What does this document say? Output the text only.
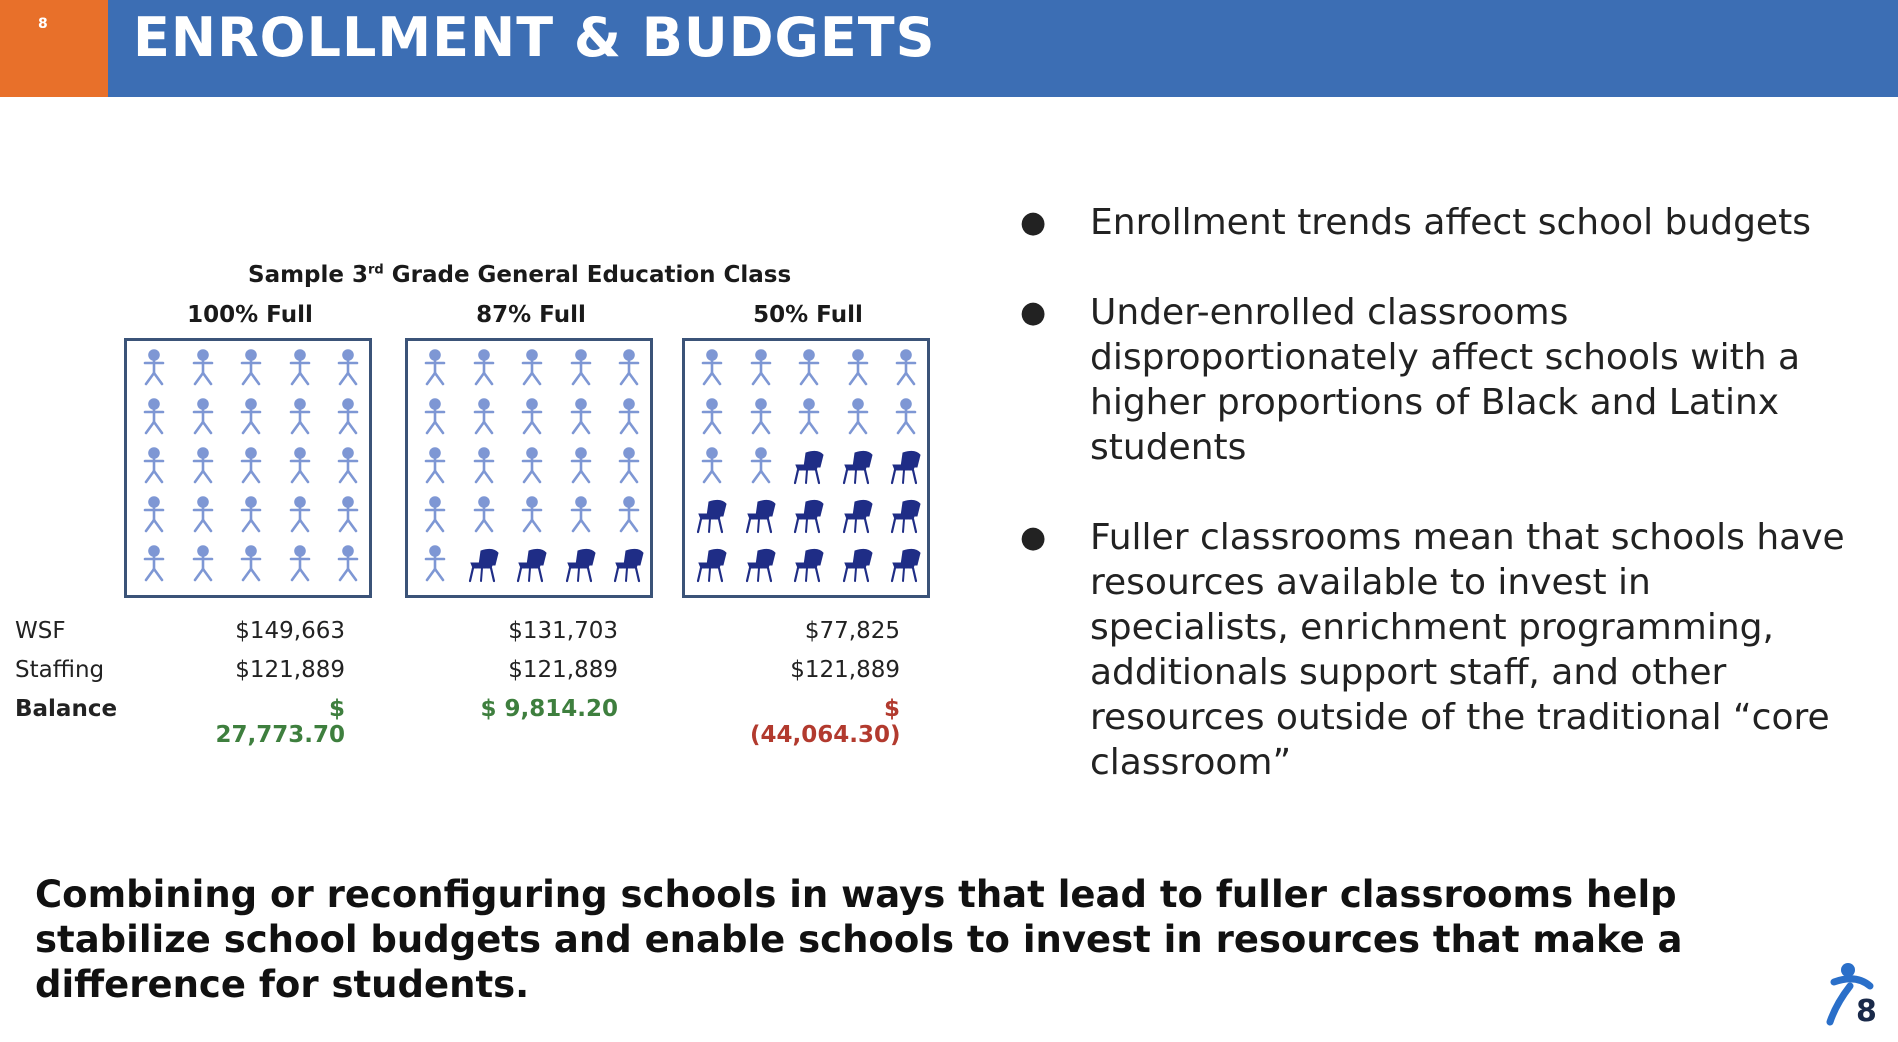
8 ENROLLMENT & BUDGETS
Sample 3rd Grade General Education Class
100% Full	87% Full	50% Full
WSF
Staffing
Balance
$149,663
$121,889
$ 27,773.70
$131,703
$121,889
$ 9,814.20
$77,825
$121,889
$ (44,064.30)
● Enrollment trends affect school budgets
● Under-enrolled classrooms disproportionately affect schools with a higher proportions of Black and Latinx students
● Fuller classrooms mean that schools have resources available to invest in specialists, enrichment programming, additionals support staff, and other resources outside of the traditional “core classroom”
Combining or reconfiguring schools in ways that lead to fuller classrooms help stabilize school budgets and enable schools to invest in resources that make a difference for students.
8
